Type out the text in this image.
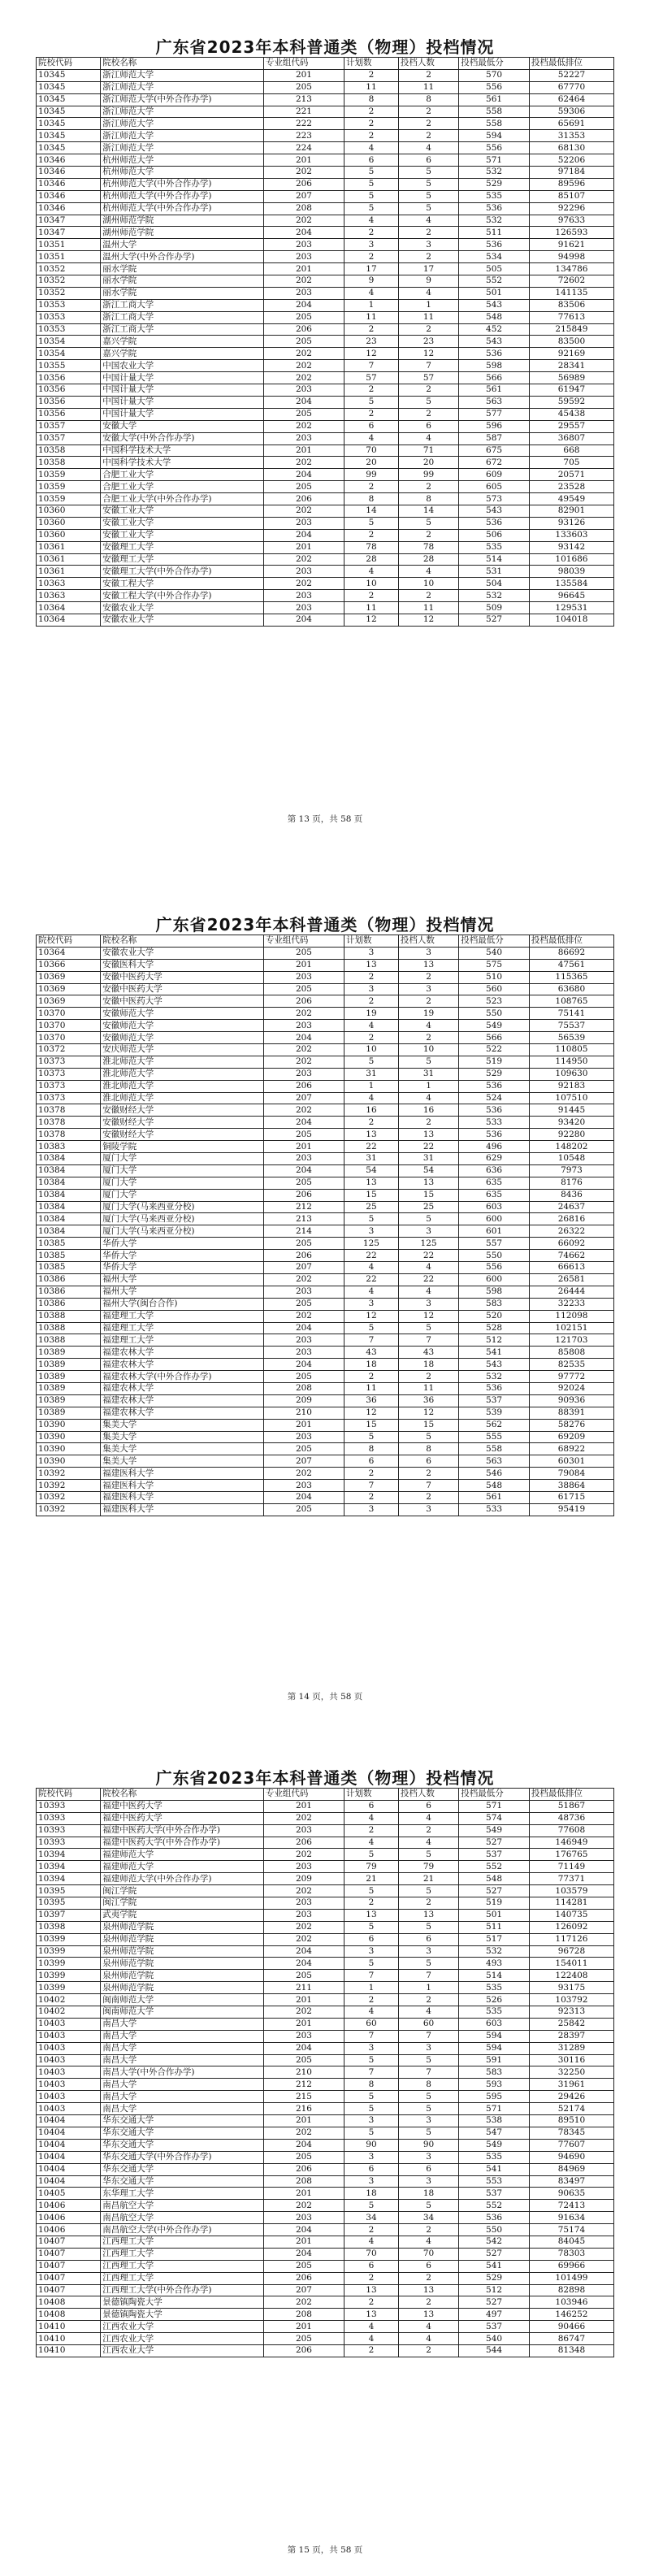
广东省2023年本科普通类（物理）投档情况
院校代码	院校名称	专业组代码	计划数	投档人数	投档最低分	投档最低排位
10345	浙江师范大学	201	2	2	570	52227
10345	浙江师范大学	205	11	11	556	67770
10345	浙江师范大学(中外合作办学)	213	8	8	561	62464
10345	浙江师范大学	221	2	2	558	59306
10345	浙江师范大学	222	2	2	558	65691
10345	浙江师范大学	223	2	2	594	31353
10345	浙江师范大学	224	4	4	556	68130
10346	杭州师范大学	201	6	6	571	52206
10346	杭州师范大学	202	5	5	532	97184
10346	杭州师范大学(中外合作办学)	206	5	5	529	89596
10346	杭州师范大学(中外合作办学)	207	5	5	535	85107
10346	杭州师范大学(中外合作办学)	208	5	5	536	92296
10347	湖州师范学院	202	4	4	532	97633
10347	湖州师范学院	204	2	2	511	126593
10351	温州大学	203	3	3	536	91621
10351	温州大学(中外合作办学)	203	2	2	534	94998
10352	丽水学院	201	17	17	505	134786
10352	丽水学院	202	9	9	552	72602
10352	丽水学院	203	4	4	501	141135
10353	浙江工商大学	204	1	1	543	83506
10353	浙江工商大学	205	11	11	548	77613
10353	浙江工商大学	206	2	2	452	215849
10354	嘉兴学院	205	23	23	543	83500
10354	嘉兴学院	202	12	12	536	92169
10355	中国农业大学	202	7	7	598	28341
10356	中国计量大学	202	57	57	566	56989
10356	中国计量大学	203	2	2	561	61947
10356	中国计量大学	204	5	5	563	59592
10356	中国计量大学	205	2	2	577	45438
10357	安徽大学	202	6	6	596	29557
10357	安徽大学(中外合作办学)	203	4	4	587	36807
10358	中国科学技术大学	201	70	71	675	668
10358	中国科学技术大学	202	20	20	672	705
10359	合肥工业大学	204	99	99	609	20571
10359	合肥工业大学	205	2	2	605	23528
10359	合肥工业大学(中外合作办学)	206	8	8	573	49549
10360	安徽工业大学	202	14	14	543	82901
10360	安徽工业大学	203	5	5	536	93126
10360	安徽工业大学	204	2	2	506	133603
10361	安徽理工大学	201	78	78	535	93142
10361	安徽理工大学	202	28	28	514	101686
10361	安徽理工大学(中外合作办学)	203	4	4	531	98039
10363	安徽工程大学	202	10	10	504	135584
10363	安徽工程大学(中外合作办学)	203	2	2	532	96645
10364	安徽农业大学	203	11	11	509	129531
10364	安徽农业大学	204	12	12	527	104018
第 13 页，共 58 页
广东省2023年本科普通类（物理）投档情况
院校代码	院校名称	专业组代码	计划数	投档人数	投档最低分	投档最低排位
10364	安徽农业大学	205	3	3	540	86692
10366	安徽医科大学	201	13	13	575	47561
10369	安徽中医药大学	203	2	2	510	115365
10369	安徽中医药大学	205	3	3	560	63680
10369	安徽中医药大学	206	2	2	523	108765
10370	安徽师范大学	202	19	19	550	75141
10370	安徽师范大学	203	4	4	549	75537
10370	安徽师范大学	204	2	2	566	56539
10372	安庆师范大学	202	10	10	522	110805
10373	淮北师范大学	202	5	5	519	114950
10373	淮北师范大学	203	31	31	529	109630
10373	淮北师范大学	206	1	1	536	92183
10373	淮北师范大学	207	4	4	524	107510
10378	安徽财经大学	202	16	16	536	91445
10378	安徽财经大学	204	2	2	533	93420
10378	安徽财经大学	205	13	13	536	92280
10383	铜陵学院	201	22	22	496	148202
10384	厦门大学	203	31	31	629	10548
10384	厦门大学	204	54	54	636	7973
10384	厦门大学	205	13	13	635	8176
10384	厦门大学	206	15	15	635	8436
10384	厦门大学(马来西亚分校)	212	25	25	603	24637
10384	厦门大学(马来西亚分校)	213	5	5	600	26816
10384	厦门大学(马来西亚分校)	214	3	3	601	26322
10385	华侨大学	205	125	125	557	66092
10385	华侨大学	206	22	22	550	74662
10385	华侨大学	207	4	4	556	66613
10386	福州大学	202	22	22	600	26581
10386	福州大学	203	4	4	598	26444
10386	福州大学(闽台合作)	205	3	3	583	32233
10388	福建理工大学	202	12	12	520	112098
10388	福建理工大学	204	5	5	528	102151
10388	福建理工大学	203	7	7	512	121703
10389	福建农林大学	203	43	43	541	85808
10389	福建农林大学	204	18	18	543	82535
10389	福建农林大学(中外合作办学)	205	2	2	532	97772
10389	福建农林大学	208	11	11	536	92024
10389	福建农林大学	209	36	36	537	90936
10389	福建农林大学	210	12	12	539	88391
10390	集美大学	201	15	15	562	58276
10390	集美大学	203	5	5	555	69209
10390	集美大学	205	8	8	558	68922
10390	集美大学	207	6	6	563	60301
10392	福建医科大学	202	2	2	546	79084
10392	福建医科大学	203	7	7	548	38864
10392	福建医科大学	204	2	2	561	61715
10392	福建医科大学	205	3	3	533	95419
第 14 页，共 58 页
广东省2023年本科普通类（物理）投档情况
院校代码	院校名称	专业组代码	计划数	投档人数	投档最低分	投档最低排位
10393	福建中医药大学	201	6	6	571	51867
10393	福建中医药大学	202	4	4	574	48736
10393	福建中医药大学(中外合作办学)	203	2	2	549	77608
10393	福建中医药大学(中外合作办学)	206	4	4	527	146949
10394	福建师范大学	202	5	5	537	176765
10394	福建师范大学	203	79	79	552	71149
10394	福建师范大学(中外合作办学)	209	21	21	548	77371
10395	闽江学院	202	5	5	527	103579
10395	闽江学院	203	2	2	519	114281
10397	武夷学院	203	13	13	501	140735
10398	泉州师范学院	202	5	5	511	126092
10399	泉州师范学院	202	6	6	517	117126
10399	泉州师范学院	204	3	3	532	96728
10399	泉州师范学院	204	5	5	493	154011
10399	泉州师范学院	205	7	7	514	122408
10399	泉州师范学院	211	1	1	535	93175
10402	闽南师范大学	201	2	2	526	103792
10402	闽南师范大学	202	4	4	535	92313
10403	南昌大学	201	60	60	603	25842
10403	南昌大学	203	7	7	594	28397
10403	南昌大学	204	3	3	594	31289
10403	南昌大学	205	5	5	591	30116
10403	南昌大学(中外合作办学)	210	7	7	583	32250
10403	南昌大学	212	8	8	593	31961
10403	南昌大学	215	5	5	595	29426
10403	南昌大学	216	5	5	571	52174
10404	华东交通大学	201	3	3	538	89510
10404	华东交通大学	202	5	5	547	78345
10404	华东交通大学	204	90	90	549	77607
10404	华东交通大学(中外合作办学)	205	3	3	535	94690
10404	华东交通大学	206	6	6	541	84969
10404	华东交通大学	208	3	3	553	83497
10405	东华理工大学	201	18	18	537	90635
10406	南昌航空大学	202	5	5	552	72413
10406	南昌航空大学	203	34	34	536	91634
10406	南昌航空大学(中外合作办学)	204	2	2	550	75174
10407	江西理工大学	201	4	4	542	84045
10407	江西理工大学	204	70	70	527	78303
10407	江西理工大学	205	6	6	541	69966
10407	江西理工大学	206	2	2	529	101499
10407	江西理工大学(中外合作办学)	207	13	13	512	82898
10408	景德镇陶瓷大学	202	2	2	527	103946
10408	景德镇陶瓷大学	208	13	13	497	146252
10410	江西农业大学	201	4	4	537	90466
10410	江西农业大学	205	4	4	540	86747
10410	江西农业大学	206	2	2	544	81348
第 15 页，共 58 页
